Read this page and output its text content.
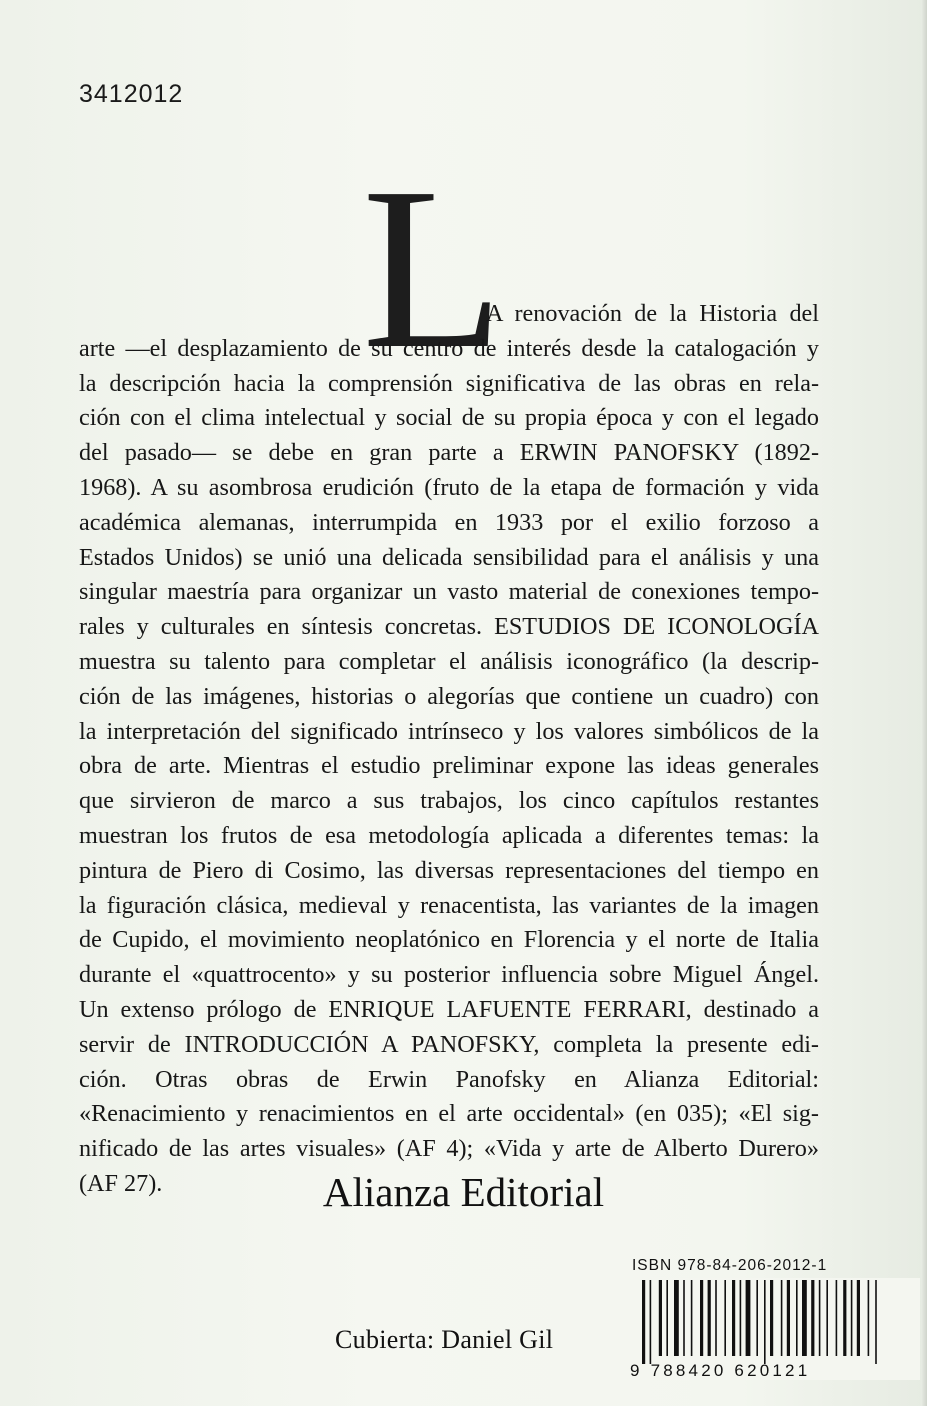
3412012
L
A renovación de la Historia del
arte —el desplazamiento de su centro de interés desde la catalogación y
la descripción hacia la comprensión significativa de las obras en rela-
ción con el clima intelectual y social de su propia época y con el legado
del pasado— se debe en gran parte a ERWIN PANOFSKY (1892-
1968). A su asombrosa erudición (fruto de la etapa de formación y vida
académica alemanas, interrumpida en 1933 por el exilio forzoso a
Estados Unidos) se unió una delicada sensibilidad para el análisis y una
singular maestría para organizar un vasto material de conexiones tempo-
rales y culturales en síntesis concretas. ESTUDIOS DE ICONOLOGÍA
muestra su talento para completar el análisis iconográfico (la descrip-
ción de las imágenes, historias o alegorías que contiene un cuadro) con
la interpretación del significado intrínseco y los valores simbólicos de la
obra de arte. Mientras el estudio preliminar expone las ideas generales
que sirvieron de marco a sus trabajos, los cinco capítulos restantes
muestran los frutos de esa metodología aplicada a diferentes temas: la
pintura de Piero di Cosimo, las diversas representaciones del tiempo en
la figuración clásica, medieval y renacentista, las variantes de la imagen
de Cupido, el movimiento neoplatónico en Florencia y el norte de Italia
durante el «quattrocento» y su posterior influencia sobre Miguel Ángel.
Un extenso prólogo de ENRIQUE LAFUENTE FERRARI, destinado a
servir de INTRODUCCIÓN A PANOFSKY, completa la presente edi-
ción. Otras obras de Erwin Panofsky en Alianza Editorial:
«Renacimiento y renacimientos en el arte occidental» (en 035); «El sig-
nificado de las artes visuales» (AF 4); «Vida y arte de Alberto Durero»
(AF 27).	Alianza Editorial
ISBN 978-84-206-2012-1
9 788420 620121
Cubierta: Daniel Gil
